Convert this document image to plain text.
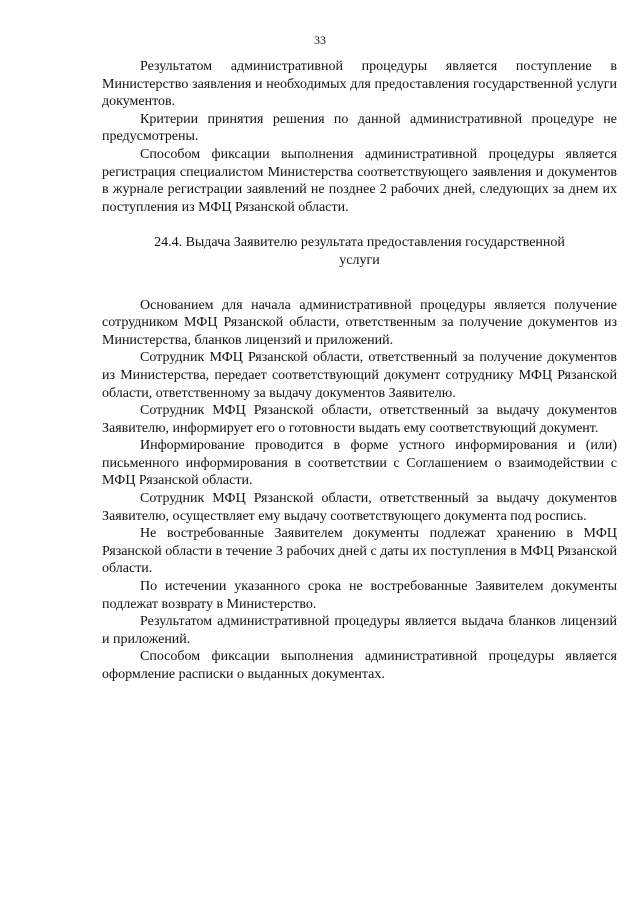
33

Результатом административной процедуры является поступление в Министерство заявления и необходимых для предоставления государственной услуги документов.

Критерии принятия решения по данной административной процедуре не предусмотрены.

Способом фиксации выполнения административной процедуры является регистрация специалистом Министерства соответствующего заявления и документов в журнале регистрации заявлений не позднее 2 рабочих дней, следующих за днем их поступления из МФЦ Рязанской области.

24.4. Выдача Заявителю результата предоставления государственной
услуги

Основанием для начала административной процедуры является получение сотрудником МФЦ Рязанской области, ответственным за получение документов из Министерства, бланков лицензий и приложений.

Сотрудник МФЦ Рязанской области, ответственный за получение документов из Министерства, передает соответствующий документ сотруднику МФЦ Рязанской области, ответственному за выдачу документов Заявителю.

Сотрудник МФЦ Рязанской области, ответственный за выдачу документов Заявителю, информирует его о готовности выдать ему соответствующий документ.

Информирование проводится в форме устного информирования и (или) письменного информирования в соответствии с Соглашением о взаимодействии с МФЦ Рязанской области.

Сотрудник МФЦ Рязанской области, ответственный за выдачу документов Заявителю, осуществляет ему выдачу соответствующего документа под роспись.

Не востребованные Заявителем документы подлежат хранению в МФЦ Рязанской области в течение 3 рабочих дней с даты их поступления в МФЦ Рязанской области.

По истечении указанного срока не востребованные Заявителем документы подлежат возврату в Министерство.

Результатом административной процедуры является выдача бланков лицензий и приложений.

Способом фиксации выполнения административной процедуры является оформление расписки о выданных документах.
